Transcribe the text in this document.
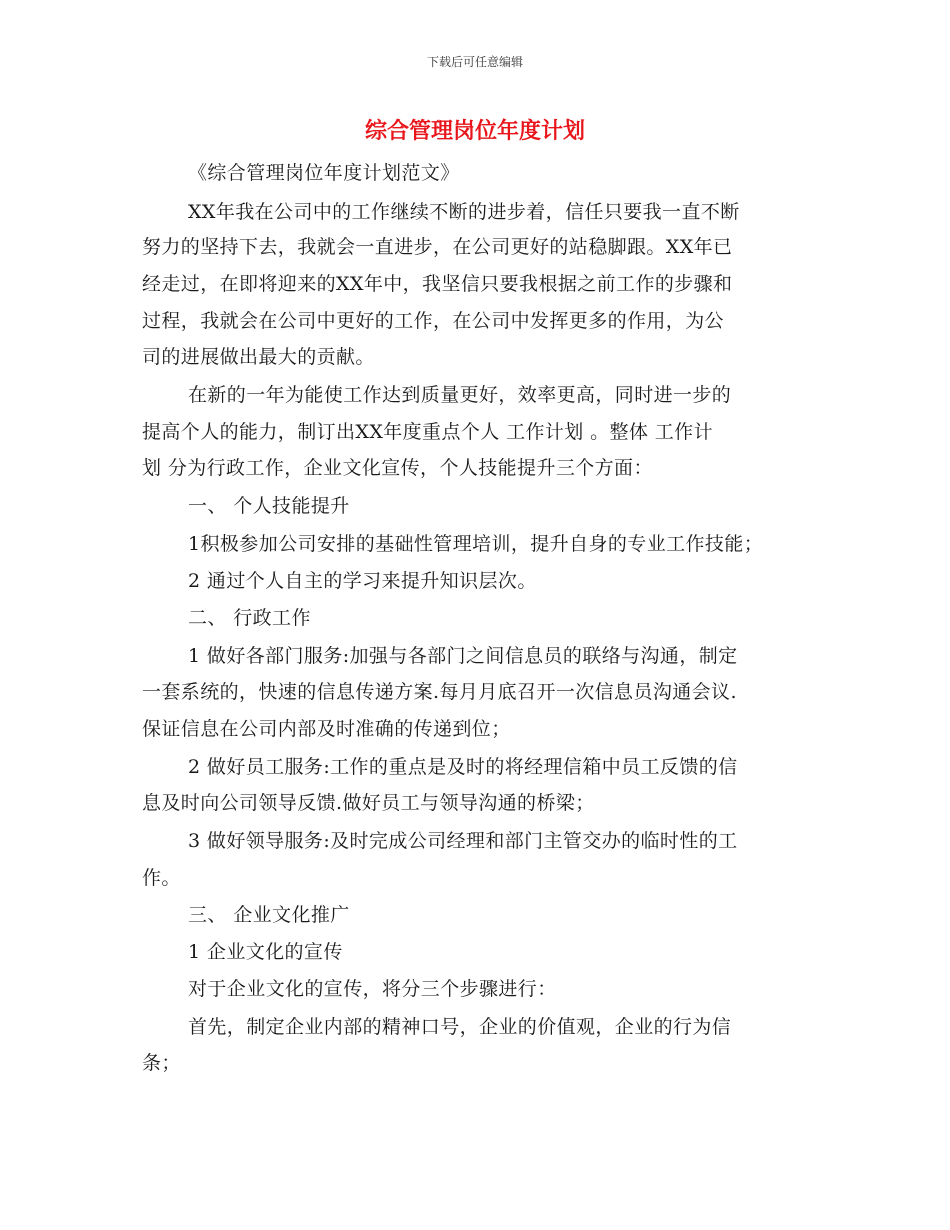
下载后可任意编辑
综合管理岗位年度计划
《综合管理岗位年度计划范文》
XX年我在公司中的工作继续不断的进步着，信任只要我一直不断
努力的坚持下去，我就会一直进步，在公司更好的站稳脚跟。XX年已
经走过，在即将迎来的XX年中，我坚信只要我根据之前工作的步骤和
过程，我就会在公司中更好的工作，在公司中发挥更多的作用，为公
司的进展做出最大的贡献。
在新的一年为能使工作达到质量更好，效率更高，同时进一步的
提高个人的能力，制订出XX年度重点个人 工作计划 。整体 工作计
划 分为行政工作，企业文化宣传，个人技能提升三个方面：
一、 个人技能提升
1积极参加公司安排的基础性管理培训，提升自身的专业工作技能；
2 通过个人自主的学习来提升知识层次。
二、 行政工作
1 做好各部门服务:加强与各部门之间信息员的联络与沟通，制定
一套系统的，快速的信息传递方案.每月月底召开一次信息员沟通会议.
保证信息在公司内部及时准确的传递到位；
2 做好员工服务:工作的重点是及时的将经理信箱中员工反馈的信
息及时向公司领导反馈.做好员工与领导沟通的桥梁；
3 做好领导服务:及时完成公司经理和部门主管交办的临时性的工
作。
三、 企业文化推广
1 企业文化的宣传
对于企业文化的宣传，将分三个步骤进行：
首先，制定企业内部的精神口号，企业的价值观，企业的行为信
条；
